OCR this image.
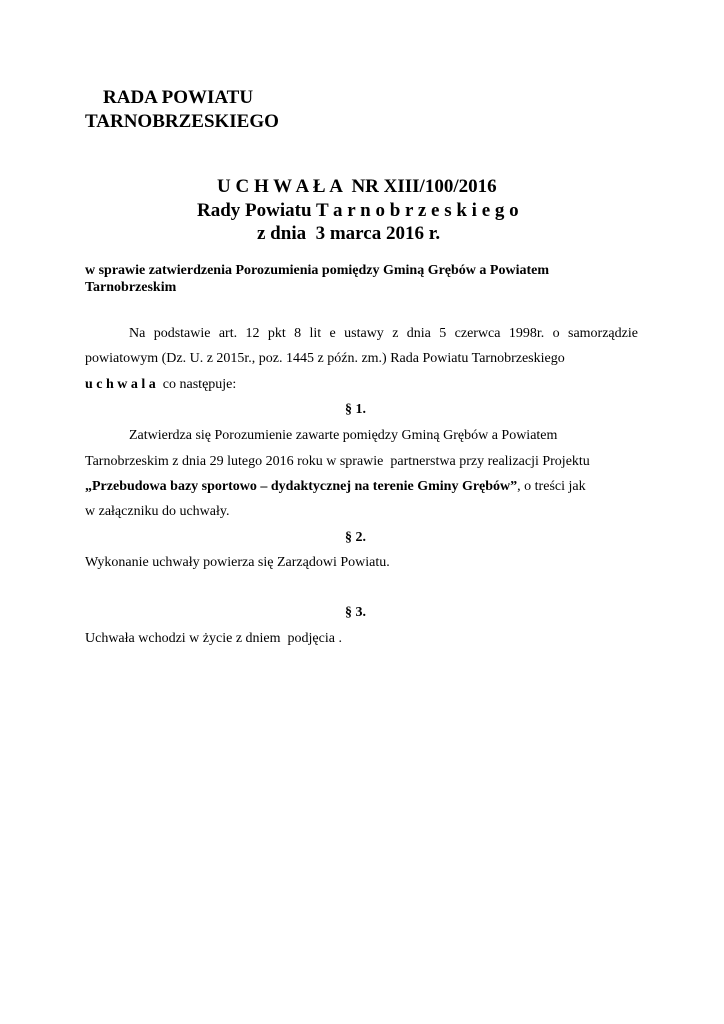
RADA POWIATU
TARNOBRZESKIEGO
U C H W A Ł A  NR XIII/100/2016
Rady Powiatu T a r n o b r z e s k i e g o
z dnia  3 marca 2016 r.
w sprawie zatwierdzenia Porozumienia pomiędzy Gminą Grębów a Powiatem
Tarnobrzeskim
Na podstawie art. 12 pkt 8 lit e ustawy z dnia 5 czerwca 1998r. o samorządzie
powiatowym (Dz. U. z 2015r., poz. 1445 z późn. zm.) Rada Powiatu Tarnobrzeskiego
u c h w a l a  co następuje:
§ 1.
Zatwierdza się Porozumienie zawarte pomiędzy Gminą Grębów a Powiatem
Tarnobrzeskim z dnia 29 lutego 2016 roku w sprawie  partnerstwa przy realizacji Projektu
„Przebudowa bazy sportowo – dydaktycznej na terenie Gminy Grębów”, o treści jak
w załączniku do uchwały.
§ 2.
Wykonanie uchwały powierza się Zarządowi Powiatu.
§ 3.
Uchwała wchodzi w życie z dniem  podjęcia .
